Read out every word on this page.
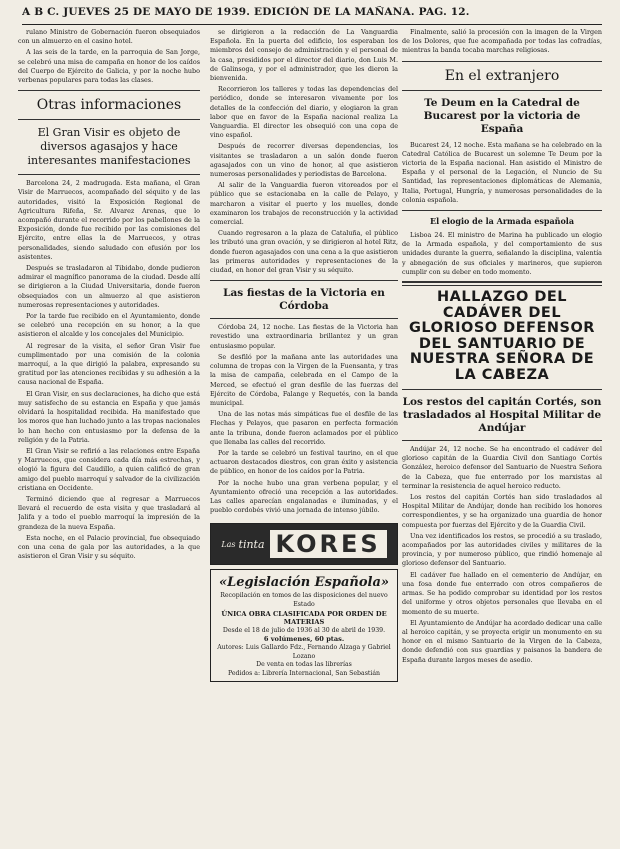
A B C. JUEVES 25 DE MAYO DE 1939. EDICIÓN DE LA MAÑANA. PAG. 12.

rulano Ministro de Gobernación fueron obsequiados con un almuerzo en el casino hotel.

A las seis de la tarde, en la parroquia de San Jorge, se celebró una misa de campaña en honor de los caídos del Cuerpo de Ejército de Galicia, y por la noche hubo verbenas populares para todas las clases.

Otras informaciones
El Gran Visir es objeto de diversos agasajos y hace interesantes manifestaciones

Barcelona 24, 2 madrugada. Esta mañana, el Gran Visir de Marruecos, acompañado del séquito y de las autoridades, visitó la Exposición Regional de Agricultura Rifeña, Sr. Alvarez Arenas, que lo acompañó durante el recorrido por los pabellones de la Exposición, donde fue recibido por las comisiones del Ejército, entre ellas la de Marruecos, y otras personalidades, siendo saludado con efusión por los asistentes.

Después se trasladaron al Tibidabo, donde pudieron admirar el magnífico panorama de la ciudad. Desde allí se dirigieron a la Ciudad Universitaria, donde fueron obsequiados con un almuerzo al que asistieron numerosas representaciones y autoridades.

Por la tarde fue recibido en el Ayuntamiento, donde se celebró una recepción en su honor, a la que asistieron el alcalde y los concejales del Municipio.

Al regresar de la visita, el señor Gran Visir fue cumplimentado por una comisión de la colonia marroquí, a la que dirigió la palabra, expresando su gratitud por las atenciones recibidas y su adhesión a la causa nacional de España.

El Gran Visir, en sus declaraciones, ha dicho que está muy satisfecho de su estancia en España y que jamás olvidará la hospitalidad recibida. Ha manifestado que los moros que han luchado junto a las tropas nacionales lo han hecho con entusiasmo por la defensa de la religión y de la Patria.

El Gran Visir se refirió a las relaciones entre España y Marruecos, que considera cada día más estrechas, y elogió la figura del Caudillo, a quien calificó de gran amigo del pueblo marroquí y salvador de la civilización cristiana en Occidente.

Terminó diciendo que al regresar a Marruecos llevará el recuerdo de esta visita y que trasladará al Jalifa y a todo el pueblo marroquí la impresión de la grandeza de la nueva España.

Esta noche, en el Palacio provincial, fue obsequiado con una cena de gala por las autoridades, a la que asistieron el Gran Visir y su séquito.

se dirigieron a la redacción de La Vanguardia Española. En la puerta del edificio, los esperaban los miembros del consejo de administración y el personal de la casa, presididos por el director del diario, don Luis M. de Galinsoga, y por el administrador, que les dieron la bienvenida.

Recorrieron los talleres y todas las dependencias del periódico, donde se interesaron vivamente por los detalles de la confección del diario, y elogiaron la gran labor que en favor de la España nacional realiza La Vanguardia. El director les obsequió con una copa de vino español.

Después de recorrer diversas dependencias, los visitantes se trasladaron a un salón donde fueron agasajados con un vino de honor, al que asistieron numerosas personalidades y periodistas de Barcelona.

Al salir de la Vanguardia fueron vitoreados por el público que se estacionaba en la calle de Pelayo, y marcharon a visitar el puerto y los muelles, donde examinaron los trabajos de reconstrucción y la actividad comercial.

Cuando regresaron a la plaza de Cataluña, el público les tributó una gran ovación, y se dirigieron al hotel Ritz, donde fueron agasajados con una cena a la que asistieron las primeras autoridades y representaciones de la ciudad, en honor del gran Visir y su séquito.

Las fiestas de la Victoria en Córdoba

Córdoba 24, 12 noche. Las fiestas de la Victoria han revestido una extraordinaria brillantez y un gran entusiasmo popular.

Se desfiló por la mañana ante las autoridades una columna de tropas con la Virgen de la Fuensanta, y tras la misa de campaña, celebrada en el Campo de la Merced, se efectuó el gran desfile de las fuerzas del Ejército de Córdoba, Falange y Requetés, con la banda municipal.

Una de las notas más simpáticas fue el desfile de las Flechas y Pelayos, que pasaron en perfecta formación ante la tribuna, donde fueron aclamados por el público que llenaba las calles del recorrido.

Por la tarde se celebró un festival taurino, en el que actuaron destacados diestros, con gran éxito y asistencia de público, en honor de los caídos por la Patria.

Por la noche hubo una gran verbena popular, y el Ayuntamiento ofreció una recepción a las autoridades. Las calles aparecían engalanadas e iluminadas, y el pueblo cordobés vivió una jornada de intenso júbilo.

Las tinta KORES
«Legislación Española»
Recopilación en tomos de las disposiciones del nuevo Estado
ÚNICA OBRA CLASIFICADA POR ORDEN DE MATERIAS
Desde el 18 de julio de 1936 al 30 de abril de 1939.
6 volúmenes, 60 ptas.
Autores: Luis Gallardo Fdz., Fernando Alzaga y Gabriel Lozano
De venta en todas las librerías
Pedidos a: Librería Internacional, San Sebastián

Finalmente, salió la procesión con la imagen de la Virgen de los Dolores, que fue acompañada por todas las cofradías, mientras la banda tocaba marchas religiosas.

En el extranjero
Te Deum en la Catedral de Bucarest por la victoria de España

Bucarest 24, 12 noche. Esta mañana se ha celebrado en la Catedral Católica de Bucarest un solemne Te Deum por la victoria de la España nacional. Han asistido el Ministro de España y el personal de la Legación, el Nuncio de Su Santidad, las representaciones diplomáticas de Alemania, Italia, Portugal, Hungría, y numerosas personalidades de la colonia española.

El elogio de la Armada española

Lisboa 24. El ministro de Marina ha publicado un elogio de la Armada española, y del comportamiento de sus unidades durante la guerra, señalando la disciplina, valentía y abnegación de sus oficiales y marineros, que supieron cumplir con su deber en todo momento.

HALLAZGO DEL CADÁVER DEL GLORIOSO DEFENSOR DEL SANTUARIO DE NUESTRA SEÑORA DE LA CABEZA
Los restos del capitán Cortés, son trasladados al Hospital Militar de Andújar

Andújar 24, 12 noche. Se ha encontrado el cadáver del glorioso capitán de la Guardia Civil don Santiago Cortés González, heroico defensor del Santuario de Nuestra Señora de la Cabeza, que fue enterrado por los marxistas al terminar la resistencia de aquel heroico reducto.

Los restos del capitán Cortés han sido trasladados al Hospital Militar de Andújar, donde han recibido los honores correspondientes, y se ha organizado una guardia de honor compuesta por fuerzas del Ejército y de la Guardia Civil.

Una vez identificados los restos, se procedió a su traslado, acompañados por las autoridades civiles y militares de la provincia, y por numeroso público, que rindió homenaje al glorioso defensor del Santuario.

El cadáver fue hallado en el cementerio de Andújar, en una fosa donde fue enterrado con otros compañeros de armas. Se ha podido comprobar su identidad por los restos del uniforme y otros objetos personales que llevaba en el momento de su muerte.

El Ayuntamiento de Andújar ha acordado dedicar una calle al heroico capitán, y se proyecta erigir un monumento en su honor en el mismo Santuario de la Virgen de la Cabeza, donde defendió con sus guardias y paisanos la bandera de España durante largos meses de asedio.
